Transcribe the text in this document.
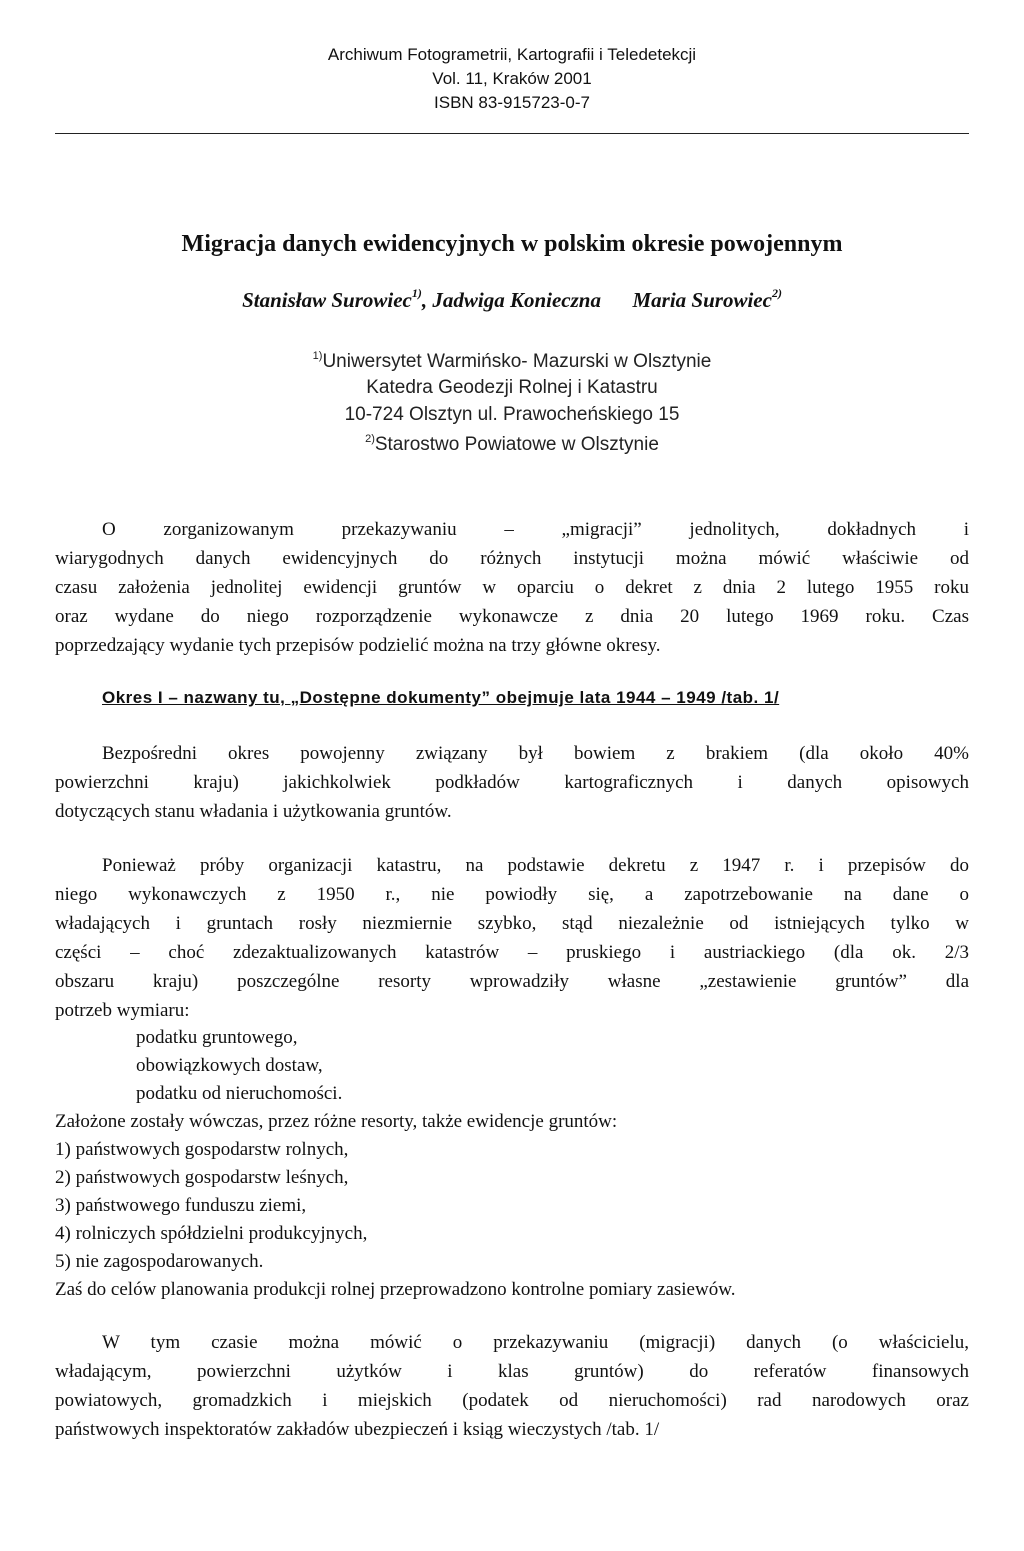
Archiwum Fotogrametrii, Kartografii i Teledetekcji
Vol. 11, Kraków 2001
ISBN 83-915723-0-7
Migracja danych ewidencyjnych w polskim okresie powojennym
Stanisław Surowiec$^{1)}$, Jadwiga Konieczna Maria Surowiec$^{2)}$
$^{1)}$Uniwersytet Warmińsko- Mazurski w Olsztynie
Katedra Geodezji Rolnej i Katastru
10-724 Olsztyn ul. Prawocheńskiego 15
$^{2)}$Starostwo Powiatowe w Olsztynie
O zorganizowanym przekazywaniu – „migracji” jednolitych, dokładnych i
wiarygodnych danych ewidencyjnych do różnych instytucji można mówić właściwie od
czasu założenia jednolitej ewidencji gruntów w oparciu o dekret z dnia 2 lutego 1955 roku
oraz wydane do niego rozporządzenie wykonawcze z dnia 20 lutego 1969 roku. Czas
poprzedzający wydanie tych przepisów podzielić można na trzy główne okresy.
Okres I – nazwany tu, „Dostępne dokumenty” obejmuje lata 1944 – 1949 /tab. 1/
Bezpośredni okres powojenny związany był bowiem z brakiem (dla około 40%
powierzchni kraju) jakichkolwiek podkładów kartograficznych i danych opisowych
dotyczących stanu władania i użytkowania gruntów.
Ponieważ próby organizacji katastru, na podstawie dekretu z 1947 r. i przepisów do
niego wykonawczych z 1950 r., nie powiodły się, a zapotrzebowanie na dane o
władających i gruntach rosły niezmiernie szybko, stąd niezależnie od istniejących tylko w
części – choć zdezaktualizowanych katastrów – pruskiego i austriackiego (dla ok. 2/3
obszaru kraju) poszczególne resorty wprowadziły własne „zestawienie gruntów” dla
potrzeb wymiaru:
podatku gruntowego,
obowiązkowych dostaw,
podatku od nieruchomości.
Założone zostały wówczas, przez różne resorty, także ewidencje gruntów:
1) państwowych gospodarstw rolnych,
2) państwowych gospodarstw leśnych,
3) państwowego funduszu ziemi,
4) rolniczych spółdzielni produkcyjnych,
5) nie zagospodarowanych.
Zaś do celów planowania produkcji rolnej przeprowadzono kontrolne pomiary zasiewów.
W tym czasie można mówić o przekazywaniu (migracji) danych (o właścicielu,
władającym, powierzchni użytków i klas gruntów) do referatów finansowych
powiatowych, gromadzkich i miejskich (podatek od nieruchomości) rad narodowych oraz
państwowych inspektoratów zakładów ubezpieczeń i ksiąg wieczystych /tab. 1/
